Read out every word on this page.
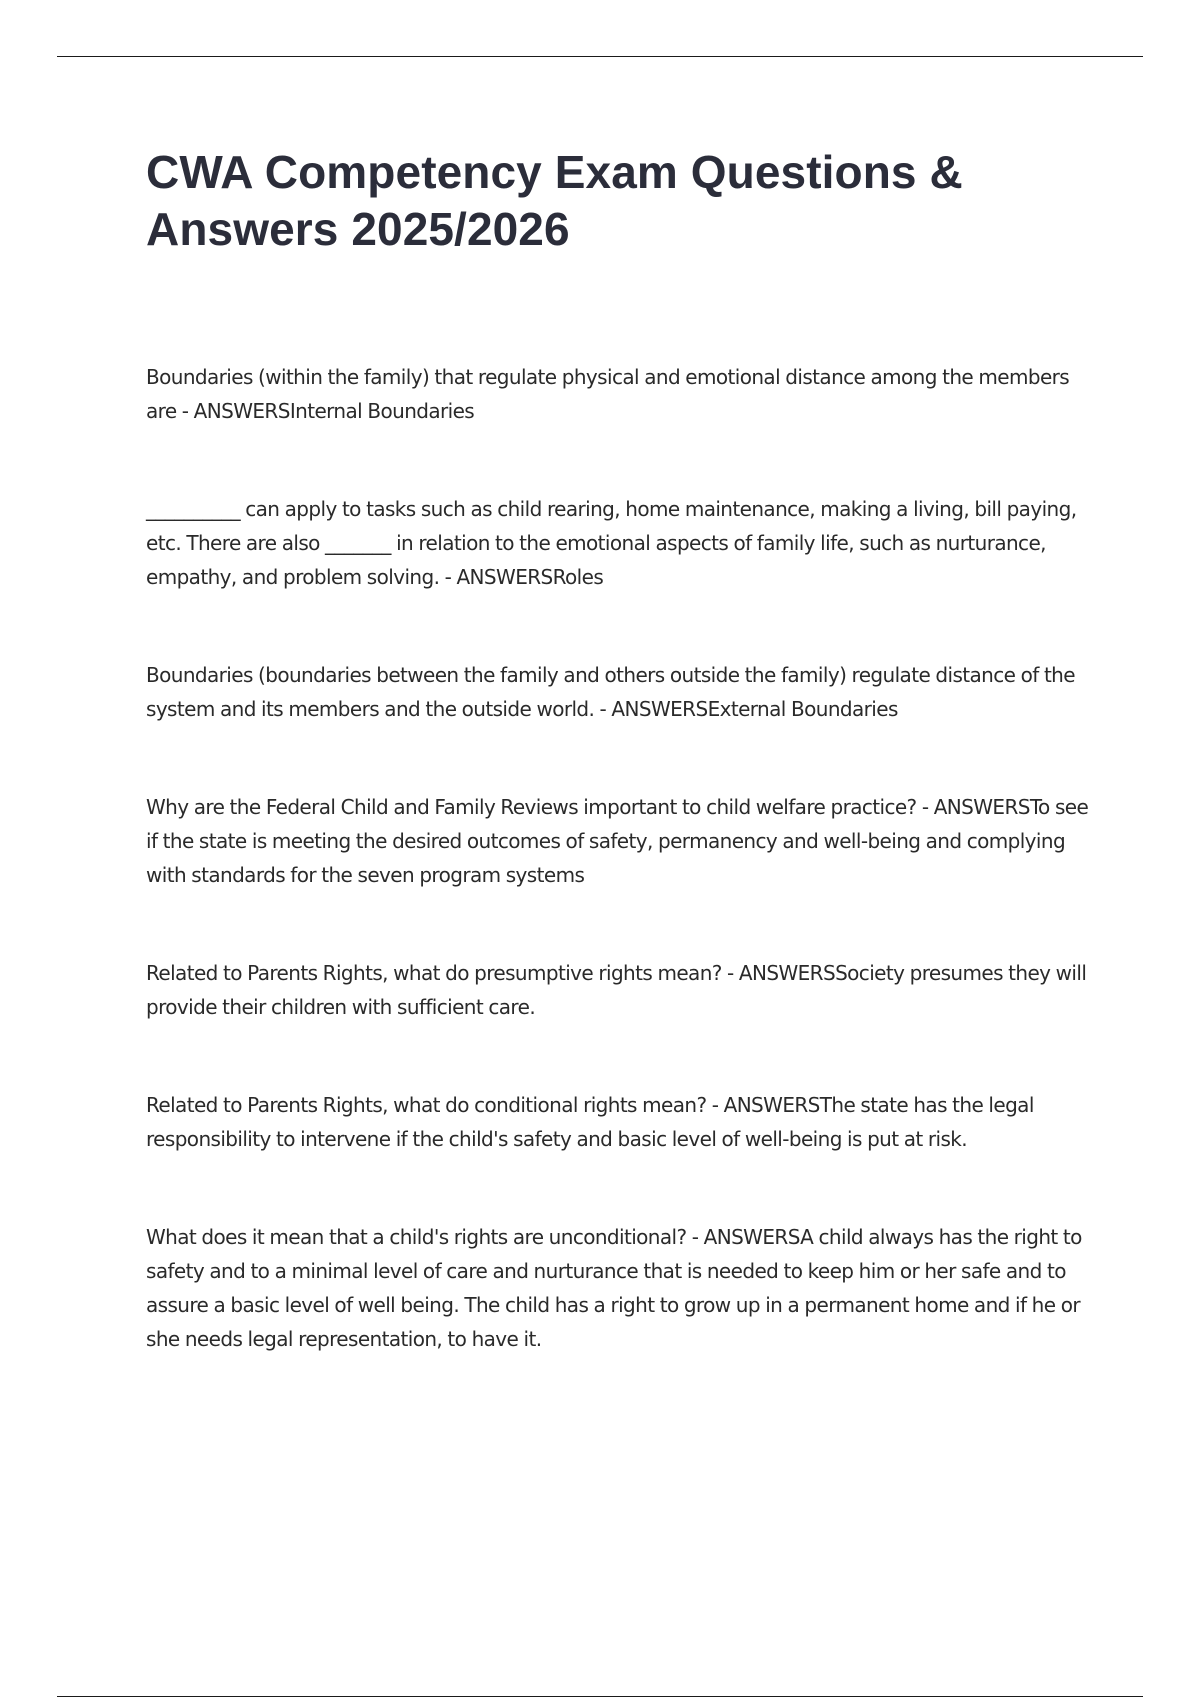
CWA Competency Exam Questions & Answers 2025/2026

Boundaries (within the family) that regulate physical and emotional distance among the members are - ANSWERSInternal Boundaries

__________ can apply to tasks such as child rearing, home maintenance, making a living, bill paying, etc. There are also _______ in relation to the emotional aspects of family life, such as nurturance, empathy, and problem solving. - ANSWERSRoles

Boundaries (boundaries between the family and others outside the family) regulate distance of the system and its members and the outside world. - ANSWERSExternal Boundaries

Why are the Federal Child and Family Reviews important to child welfare practice? - ANSWERSTo see if the state is meeting the desired outcomes of safety, permanency and well-being and complying with standards for the seven program systems

Related to Parents Rights, what do presumptive rights mean? - ANSWERSSociety presumes they will provide their children with sufficient care.

Related to Parents Rights, what do conditional rights mean? - ANSWERSThe state has the legal responsibility to intervene if the child's safety and basic level of well-being is put at risk.

What does it mean that a child's rights are unconditional? - ANSWERSA child always has the right to safety and to a minimal level of care and nurturance that is needed to keep him or her safe and to assure a basic level of well being. The child has a right to grow up in a permanent home and if he or she needs legal representation, to have it.
